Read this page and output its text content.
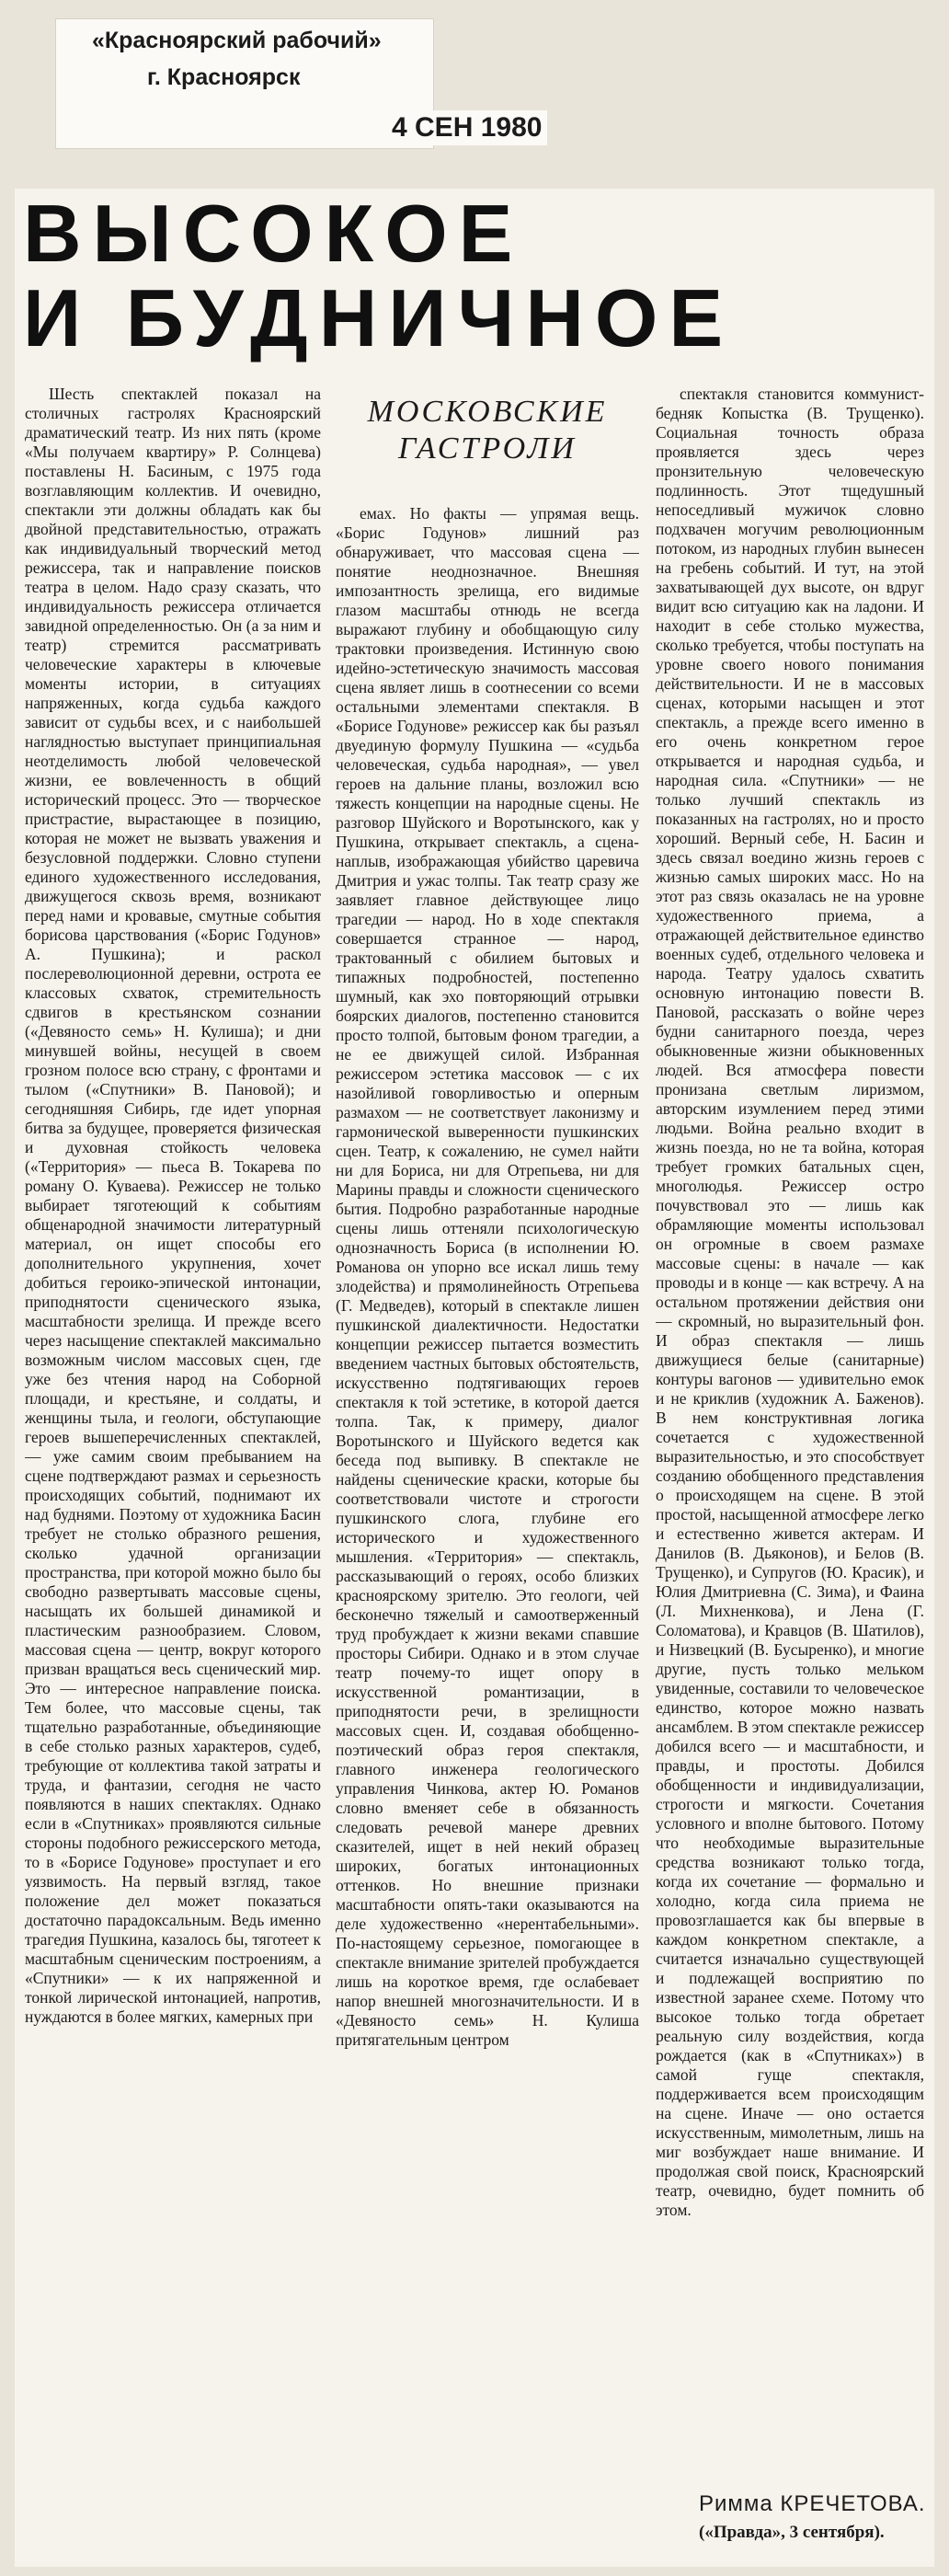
«Красноярский рабочий»
г. Красноярск
4 СЕН 1980
ВЫСОКОЕ
И БУДНИЧНОЕ
МОСКОВСКИЕ ГАСТРОЛИ

Шесть спектаклей показал на столичных гастролях Красноярский драматический театр. Из них пять (кроме «Мы получаем квартиру» Р. Солнцева) поставлены Н. Басиным, с 1975 года возглавляющим коллектив. И очевидно, спектакли эти должны обладать как бы двойной представительностью, отражать как индивидуальный творческий метод режиссера, так и направление поисков театра в целом. Надо сразу сказать, что индивидуальность режиссера отличается завидной определенностью. Он (а за ним и театр) стремится рассматривать человеческие характеры в ключевые моменты истории, в ситуациях напряженных, когда судьба каждого зависит от судьбы всех, и с наибольшей наглядностью выступает принципиальная неотделимость любой человеческой жизни, ее вовлеченность в общий исторический процесс. Это — творческое пристрастие, вырастающее в позицию, которая не может не вызвать уважения и безусловной поддержки. Словно ступени единого художественного исследования, движущегося сквозь время, возникают перед нами и кровавые, смутные события борисова царствования («Борис Годунов» А. Пушкина); и раскол послереволюционной деревни, острота ее классовых схваток, стремительность сдвигов в крестьянском сознании («Девяносто семь» Н. Кулиша); и дни минувшей войны, несущей в своем грозном полосе всю страну, с фронтами и тылом («Спутники» В. Пановой); и сегодняшняя Сибирь, где идет упорная битва за будущее, проверяется физическая и духовная стойкость человека («Территория» — пьеса В. Токарева по роману О. Куваева). Режиссер не только выбирает тяготеющий к событиям общенародной значимости литературный материал, он ищет способы его дополнительного укрупнения, хочет добиться героико-эпической интонации, приподнятости сценического языка, масштабности зрелища. И прежде всего через насыщение спектаклей максимально возможным числом массовых сцен, где уже без чтения народ на Соборной площади, и крестьяне, и солдаты, и женщины тыла, и геологи, обступающие героев вышеперечисленных спектаклей, — уже самим своим пребыванием на сцене подтверждают размах и серьезность происходящих событий, поднимают их над буднями. Поэтому от художника Басин требует не столько образного решения, сколько удачной организации пространства, при которой можно было бы свободно развертывать массовые сцены, насыщать их большей динамикой и пластическим разнообразием. Словом, массовая сцена — центр, вокруг которого призван вращаться весь сценический мир. Это — интересное направление поиска. Тем более, что массовые сцены, так тщательно разработанные, объединяющие в себе столько разных характеров, судеб, требующие от коллектива такой затраты и труда, и фантазии, сегодня не часто появляются в наших спектаклях. Однако если в «Спутниках» проявляются сильные стороны подобного режиссерского метода, то в «Борисе Годунове» проступает и его уязвимость. На первый взгляд, такое положение дел может показаться достаточно парадоксальным. Ведь именно трагедия Пушкина, казалось бы, тяготеет к масштабным сценическим построениям, а «Спутники» — к их напряженной и тонкой лирической интонацией, напротив, нуждаются в более мягких, камерных при

емах. Но факты — упрямая вещь. «Борис Годунов» лишний раз обнаруживает, что массовая сцена — понятие неоднозначное. Внешняя импозантность зрелища, его видимые глазом масштабы отнюдь не всегда выражают глубину и обобщающую силу трактовки произведения. Истинную свою идейно-эстетическую значимость массовая сцена являет лишь в соотнесении со всеми остальными элементами спектакля. В «Борисе Годунове» режиссер как бы разъял двуединую формулу Пушкина — «судьба человеческая, судьба народная», — увел героев на дальние планы, возложил всю тяжесть концепции на народные сцены. Не разговор Шуйского и Воротынского, как у Пушкина, открывает спектакль, а сцена-наплыв, изображающая убийство царевича Дмитрия и ужас толпы. Так театр сразу же заявляет главное действующее лицо трагедии — народ. Но в ходе спектакля совершается странное — народ, трактованный с обилием бытовых и типажных подробностей, постепенно шумный, как эхо повторяющий отрывки боярских диалогов, постепенно становится просто толпой, бытовым фоном трагедии, а не ее движущей силой. Избранная режиссером эстетика массовок — с их назойливой говорливостью и оперным размахом — не соответствует лаконизму и гармонической выверенности пушкинских сцен. Театр, к сожалению, не сумел найти ни для Бориса, ни для Отрепьева, ни для Марины правды и сложности сценического бытия. Подробно разработанные народные сцены лишь оттеняли психологическую однозначность Бориса (в исполнении Ю. Романова он упорно все искал лишь тему злодейства) и прямолинейность Отрепьева (Г. Медведев), который в спектакле лишен пушкинской диалектичности. Недостатки концепции режиссер пытается возместить введением частных бытовых обстоятельств, искусственно подтягивающих героев спектакля к той эстетике, в которой дается толпа. Так, к примеру, диалог Воротынского и Шуйского ведется как беседа под выпивку. В спектакле не найдены сценические краски, которые бы соответствовали чистоте и строгости пушкинского слога, глубине его исторического и художественного мышления. «Территория» — спектакль, рассказывающий о героях, особо близких красноярскому зрителю. Это геологи, чей бесконечно тяжелый и самоотверженный труд пробуждает к жизни веками спавшие просторы Сибири. Однако и в этом случае театр почему-то ищет опору в искусственной романтизации, в приподнятости речи, в зрелищности массовых сцен. И, создавая обобщенно-поэтический образ героя спектакля, главного инженера геологического управления Чинкова, актер Ю. Романов словно вменяет себе в обязанность следовать речевой манере древних сказителей, ищет в ней некий образец широких, богатых интонационных оттенков. Но внешние признаки масштабности опять-таки оказываются на деле художественно «нерентабельными». По-настоящему серьезное, помогающее в спектакле внимание зрителей пробуждается лишь на короткое время, где ослабевает напор внешней многозначительности. И в «Девяносто семь» Н. Кулиша притягательным центром

спектакля становится коммунист-бедняк Копыстка (В. Трущенко). Социальная точность образа проявляется здесь через пронзительную человеческую подлинность. Этот тщедушный непоседливый мужичок словно подхвачен могучим революционным потоком, из народных глубин вынесен на гребень событий. И тут, на этой захватывающей дух высоте, он вдруг видит всю ситуацию как на ладони. И находит в себе столько мужества, сколько требуется, чтобы поступать на уровне своего нового понимания действительности. И не в массовых сценах, которыми насыщен и этот спектакль, а прежде всего именно в его очень конкретном герое открывается и народная судьба, и народная сила. «Спутники» — не только лучший спектакль из показанных на гастролях, но и просто хороший. Верный себе, Н. Басин и здесь связал воедино жизнь героев с жизнью самых широких масс. Но на этот раз связь оказалась не на уровне художественного приема, а отражающей действительное единство военных судеб, отдельного человека и народа. Театру удалось схватить основную интонацию повести В. Пановой, рассказать о войне через будни санитарного поезда, через обыкновенные жизни обыкновенных людей. Вся атмосфера повести пронизана светлым лиризмом, авторским изумлением перед этими людьми. Война реально входит в жизнь поезда, но не та война, которая требует громких батальных сцен, многолюдья. Режиссер остро почувствовал это — лишь как обрамляющие моменты использовал он огромные в своем размахе массовые сцены: в начале — как проводы и в конце — как встречу. А на остальном протяжении действия они — скромный, но выразительный фон. И образ спектакля — лишь движущиеся белые (санитарные) контуры вагонов — удивительно емок и не криклив (художник А. Баженов). В нем конструктивная логика сочетается с художественной выразительностью, и это способствует созданию обобщенного представления о происходящем на сцене. В этой простой, насыщенной атмосфере легко и естественно живется актерам. И Данилов (В. Дьяконов), и Белов (В. Трущенко), и Супругов (Ю. Красик), и Юлия Дмитриевна (С. Зима), и Фаина (Л. Михненкова), и Лена (Г. Соломатова), и Кравцов (В. Шатилов), и Низвецкий (В. Бусыренко), и многие другие, пусть только мельком увиденные, составили то человеческое единство, которое можно назвать ансамблем. В этом спектакле режиссер добился всего — и масштабности, и правды, и простоты. Добился обобщенности и индивидуализации, строгости и мягкости. Сочетания условного и вполне бытового. Потому что необходимые выразительные средства возникают только тогда, когда их сочетание — формально и холодно, когда сила приема не провозглашается как бы впервые в каждом конкретном спектакле, а считается изначально существующей и подлежащей восприятию по известной заранее схеме. Потому что высокое только тогда обретает реальную силу воздействия, когда рождается (как в «Спутниках») в самой гуще спектакля, поддерживается всем происходящим на сцене. Иначе — оно остается искусственным, мимолетным, лишь на миг возбуждает наше внимание. И продолжая свой поиск, Красноярский театр, очевидно, будет помнить об этом.

Римма КРЕЧЕТОВА.
(«Правда», 3 сентября).
